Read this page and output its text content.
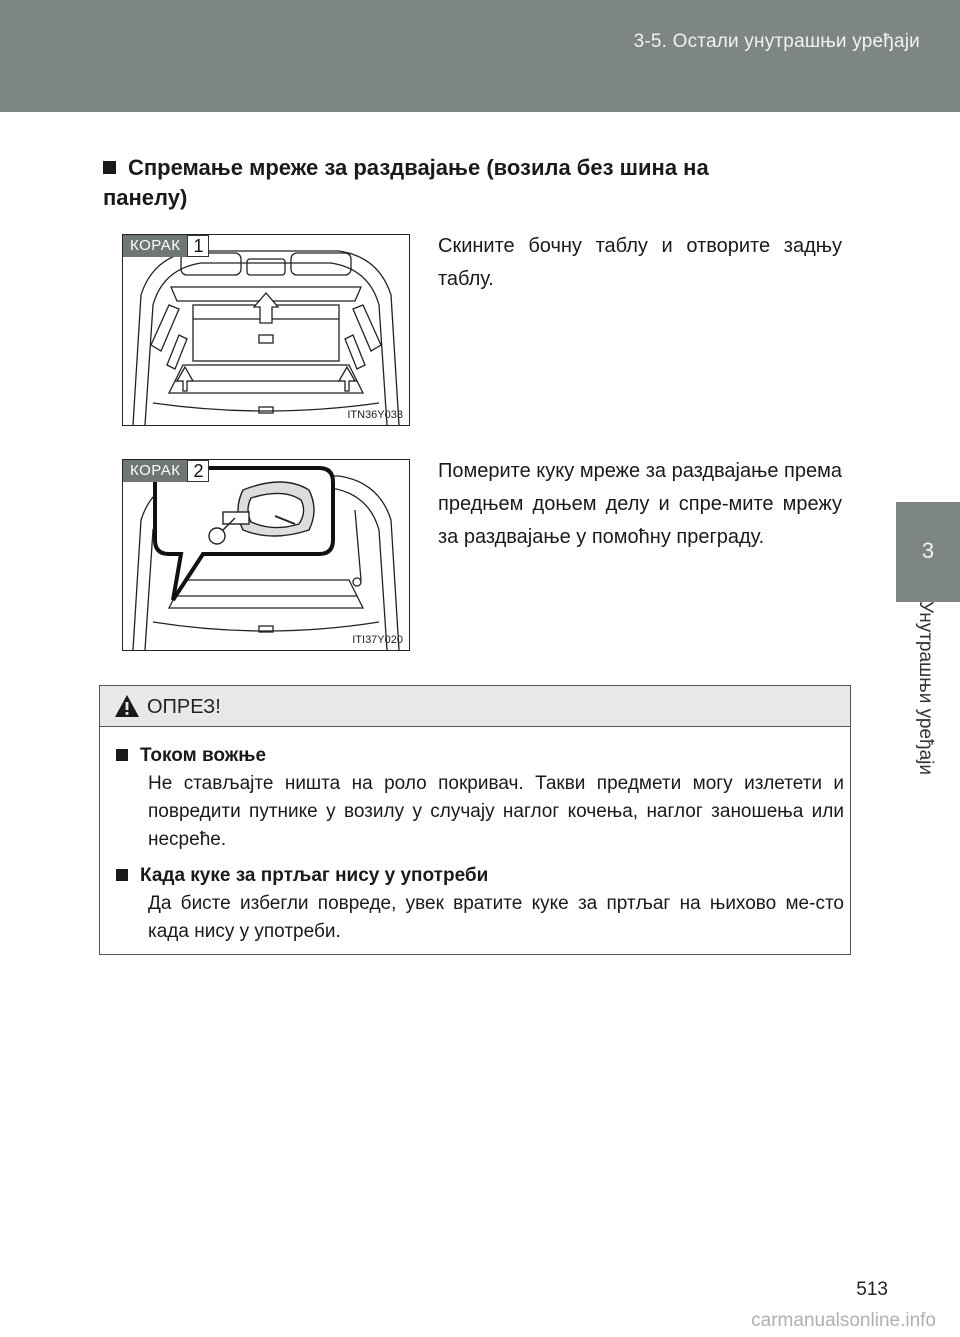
3-5. Остали унутрашњи уређаји
3
Унутрашњи уређаји
Спремање мреже за раздвајање (возила без шина на панелу)
КОРАК 1
ITN36Y033
Скините бочну таблу и отворите задњу таблу.
КОРАК 2
ITI37Y020
Померите куку мреже за раздвајање према предњем доњем делу и спре-мите мрежу за раздвајање у помоћну преграду.
ОПРЕЗ!
Током вожње
Не стављајте ништа на роло покривач. Такви предмети могу излетети и повредити путнике у возилу у случају наглог кочења, наглог заношења или несреће.
Када куке за пртљаг нису у употреби
Да бисте избегли повреде, увек вратите куке за пртљаг на њихово ме-сто када нису у употреби.
513
carmanualsonline.info
